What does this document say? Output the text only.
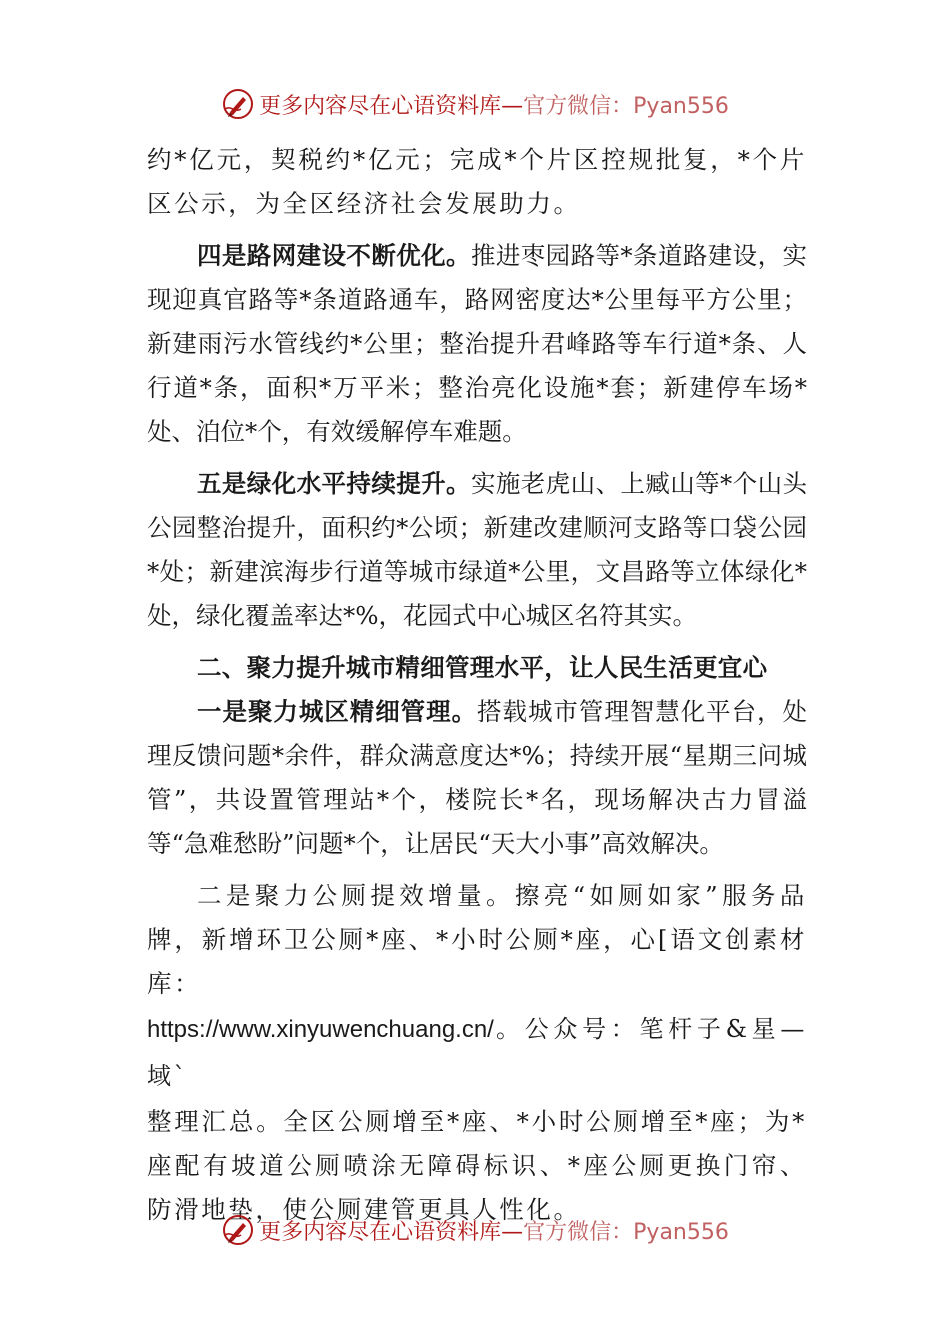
更多内容尽在心语资料库— 官方微信：Pyan556

约*亿元，契税约*亿元；完成*个片区控规批复，*个片区公示，为全区经济社会发展助力。

四是路网建设不断优化。推进枣园路等*条道路建设，实现迎真官路等*条道路通车，路网密度达*公里每平方公里；新建雨污水管线约*公里；整治提升君峰路等车行道*条、人行道*条，面积*万平米；整治亮化设施*套；新建停车场*处、泊位*个，有效缓解停车难题。

五是绿化水平持续提升。实施老虎山、上臧山等*个山头公园整治提升，面积约*公顷；新建改建顺河支路等口袋公园*处；新建滨海步行道等城市绿道*公里，文昌路等立体绿化*处，绿化覆盖率达*%，花园式中心城区名符其实。

二、聚力提升城市精细管理水平，让人民生活更宜心

一是聚力城区精细管理。搭载城市管理智慧化平台，处理反馈问题*余件，群众满意度达*%；持续开展“星期三问城管”，共设置管理站*个，楼院长*名，现场解决古力冒溢等“急难愁盼”问题*个，让居民“天大小事”高效解决。

二是聚力公厕提效增量。擦亮“如厕如家”服务品牌，新增环卫公厕*座、*小时公厕*座，心[语文创素材库：

https://www.xinyuwenchuang.cn/。公众号：笔杆子&星—域`

整理汇总。全区公厕增至*座、*小时公厕增至*座；为*座配有坡道公厕喷涂无障碍标识、*座公厕更换门帘、防滑地垫，使公厕建管更具人性化。

更多内容尽在心语资料库— 官方微信：Pyan556
